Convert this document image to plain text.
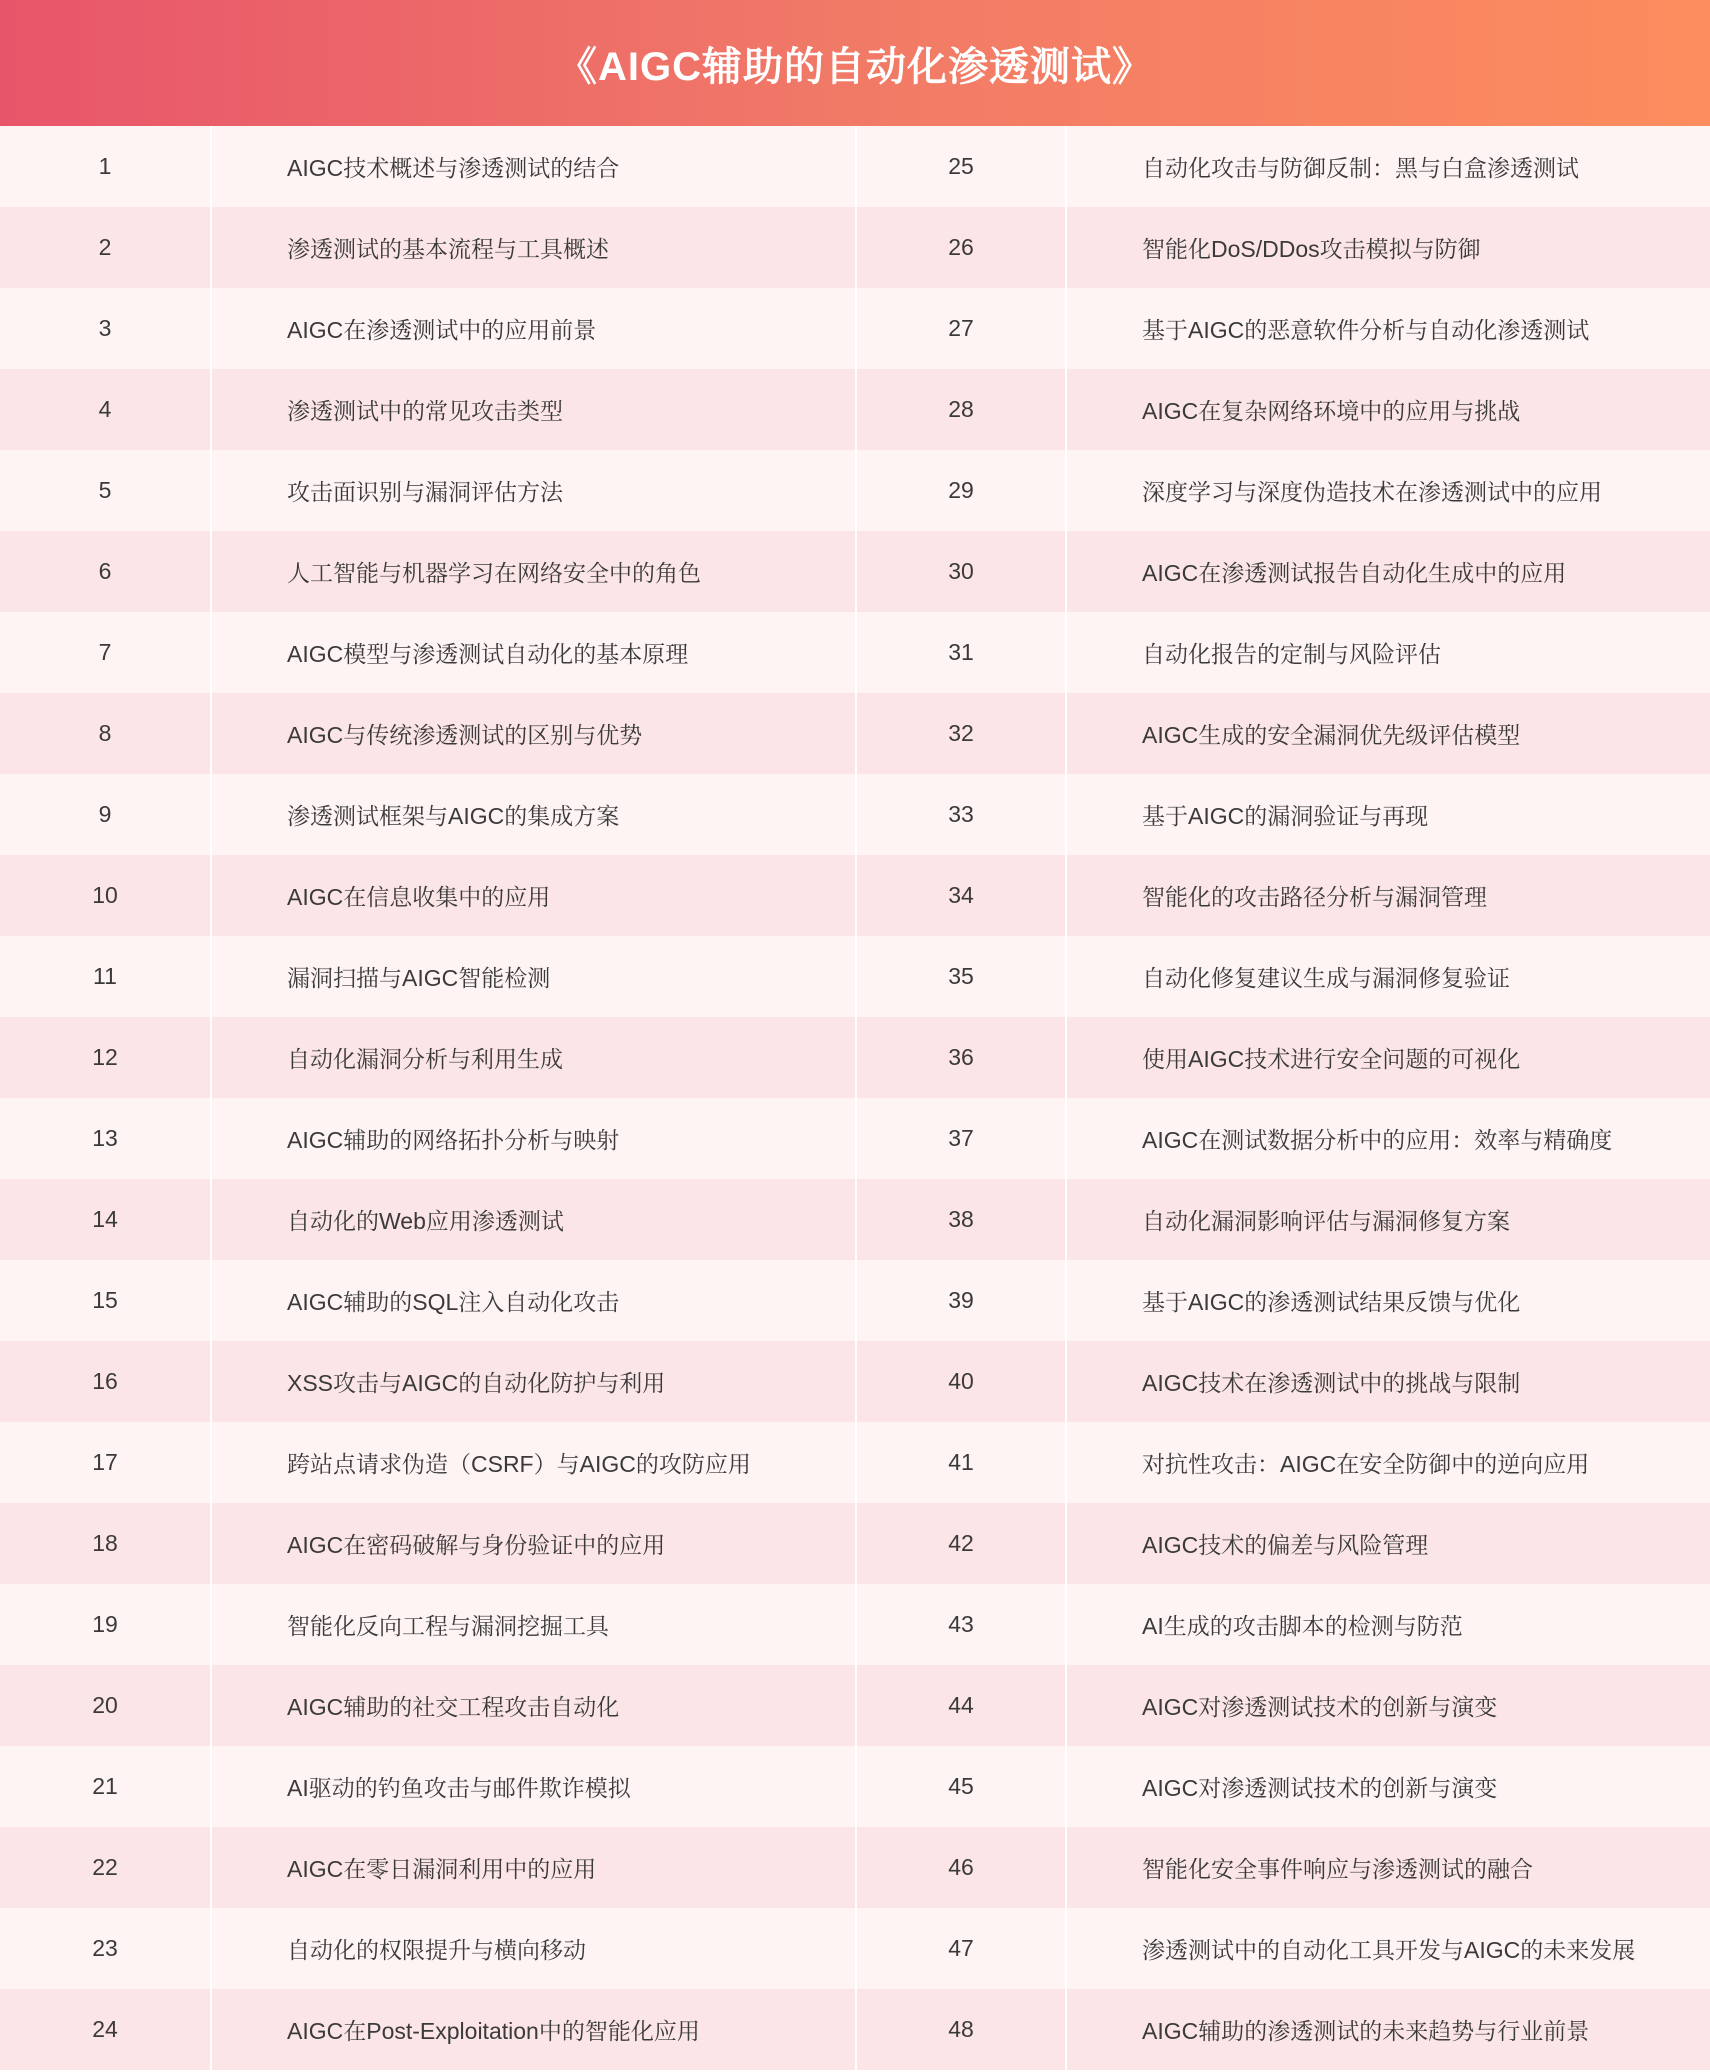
《AIGC辅助的自动化渗透测试》
1	AIGC技术概述与渗透测试的结合	25	自动化攻击与防御反制：黑与白盒渗透测试
2	渗透测试的基本流程与工具概述	26	智能化DoS/DDos攻击模拟与防御
3	AIGC在渗透测试中的应用前景	27	基于AIGC的恶意软件分析与自动化渗透测试
4	渗透测试中的常见攻击类型	28	AIGC在复杂网络环境中的应用与挑战
5	攻击面识别与漏洞评估方法	29	深度学习与深度伪造技术在渗透测试中的应用
6	人工智能与机器学习在网络安全中的角色	30	AIGC在渗透测试报告自动化生成中的应用
7	AIGC模型与渗透测试自动化的基本原理	31	自动化报告的定制与风险评估
8	AIGC与传统渗透测试的区别与优势	32	AIGC生成的安全漏洞优先级评估模型
9	渗透测试框架与AIGC的集成方案	33	基于AIGC的漏洞验证与再现
10	AIGC在信息收集中的应用	34	智能化的攻击路径分析与漏洞管理
11	漏洞扫描与AIGC智能检测	35	自动化修复建议生成与漏洞修复验证
12	自动化漏洞分析与利用生成	36	使用AIGC技术进行安全问题的可视化
13	AIGC辅助的网络拓扑分析与映射	37	AIGC在测试数据分析中的应用：效率与精确度
14	自动化的Web应用渗透测试	38	自动化漏洞影响评估与漏洞修复方案
15	AIGC辅助的SQL注入自动化攻击	39	基于AIGC的渗透测试结果反馈与优化
16	XSS攻击与AIGC的自动化防护与利用	40	AIGC技术在渗透测试中的挑战与限制
17	跨站点请求伪造（CSRF）与AIGC的攻防应用	41	对抗性攻击：AIGC在安全防御中的逆向应用
18	AIGC在密码破解与身份验证中的应用	42	AIGC技术的偏差与风险管理
19	智能化反向工程与漏洞挖掘工具	43	AI生成的攻击脚本的检测与防范
20	AIGC辅助的社交工程攻击自动化	44	AIGC对渗透测试技术的创新与演变
21	AI驱动的钓鱼攻击与邮件欺诈模拟	45	AIGC对渗透测试技术的创新与演变
22	AIGC在零日漏洞利用中的应用	46	智能化安全事件响应与渗透测试的融合
23	自动化的权限提升与横向移动	47	渗透测试中的自动化工具开发与AIGC的未来发展
24	AIGC在Post-Exploitation中的智能化应用	48	AIGC辅助的渗透测试的未来趋势与行业前景
